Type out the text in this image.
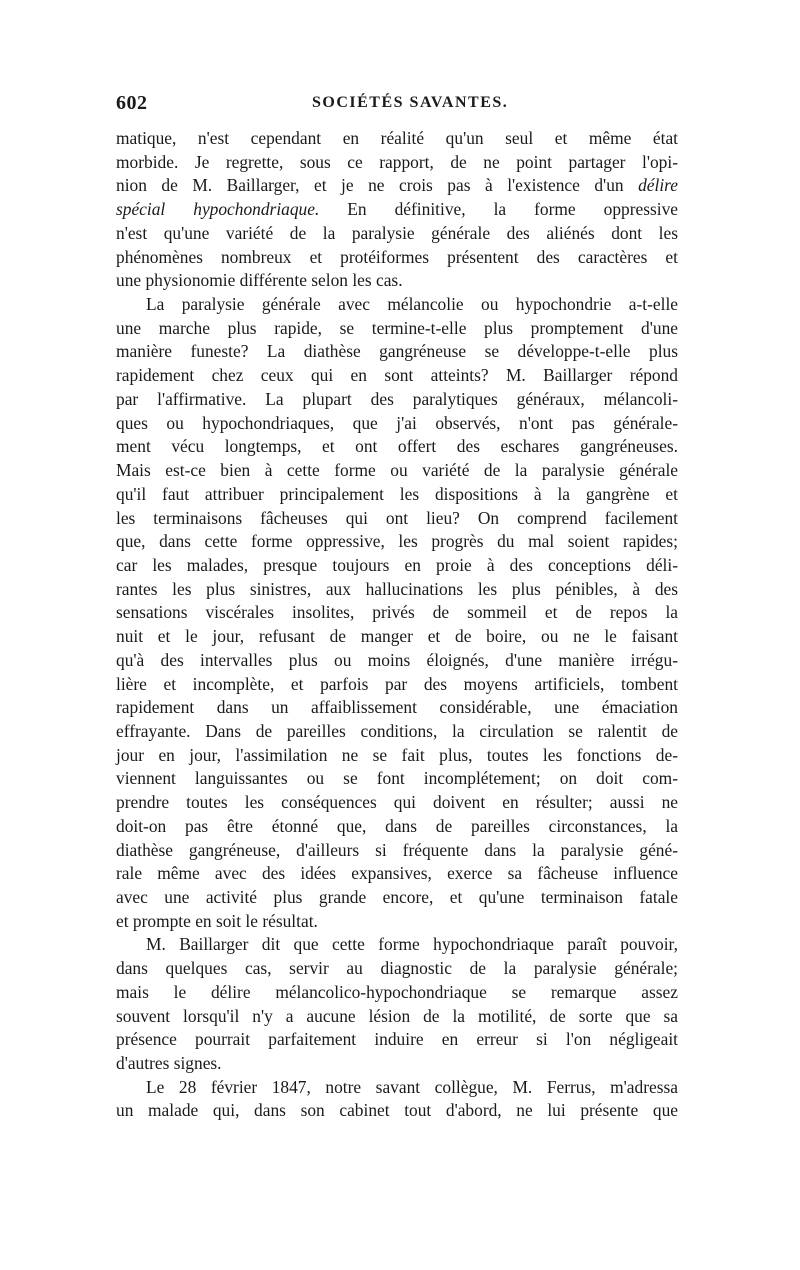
602	SOCIÉTÉS SAVANTES.
matique, n'est cependant en réalité qu'un seul et même état
morbide. Je regrette, sous ce rapport, de ne point partager l'opi-
nion de M. Baillarger, et je ne crois pas à l'existence d'un délire
spécial hypochondriaque. En définitive, la forme oppressive
n'est qu'une variété de la paralysie générale des aliénés dont les
phénomènes nombreux et protéiformes présentent des caractères et
une physionomie différente selon les cas.
La paralysie générale avec mélancolie ou hypochondrie a-t-elle
une marche plus rapide, se termine-t-elle plus promptement d'une
manière funeste? La diathèse gangréneuse se développe-t-elle plus
rapidement chez ceux qui en sont atteints? M. Baillarger répond
par l'affirmative. La plupart des paralytiques généraux, mélancoli-
ques ou hypochondriaques, que j'ai observés, n'ont pas générale-
ment vécu longtemps, et ont offert des eschares gangréneuses.
Mais est-ce bien à cette forme ou variété de la paralysie générale
qu'il faut attribuer principalement les dispositions à la gangrène et
les terminaisons fâcheuses qui ont lieu? On comprend facilement
que, dans cette forme oppressive, les progrès du mal soient rapides;
car les malades, presque toujours en proie à des conceptions déli-
rantes les plus sinistres, aux hallucinations les plus pénibles, à des
sensations viscérales insolites, privés de sommeil et de repos la
nuit et le jour, refusant de manger et de boire, ou ne le faisant
qu'à des intervalles plus ou moins éloignés, d'une manière irrégu-
lière et incomplète, et parfois par des moyens artificiels, tombent
rapidement dans un affaiblissement considérable, une émaciation
effrayante. Dans de pareilles conditions, la circulation se ralentit de
jour en jour, l'assimilation ne se fait plus, toutes les fonctions de-
viennent languissantes ou se font incomplétement; on doit com-
prendre toutes les conséquences qui doivent en résulter; aussi ne
doit-on pas être étonné que, dans de pareilles circonstances, la
diathèse gangréneuse, d'ailleurs si fréquente dans la paralysie géné-
rale même avec des idées expansives, exerce sa fâcheuse influence
avec une activité plus grande encore, et qu'une terminaison fatale
et prompte en soit le résultat.
M. Baillarger dit que cette forme hypochondriaque paraît pouvoir,
dans quelques cas, servir au diagnostic de la paralysie générale;
mais le délire mélancolico-hypochondriaque se remarque assez
souvent lorsqu'il n'y a aucune lésion de la motilité, de sorte que sa
présence pourrait parfaitement induire en erreur si l'on négligeait
d'autres signes.
Le 28 février 1847, notre savant collègue, M. Ferrus, m'adressa
un malade qui, dans son cabinet tout d'abord, ne lui présente que
